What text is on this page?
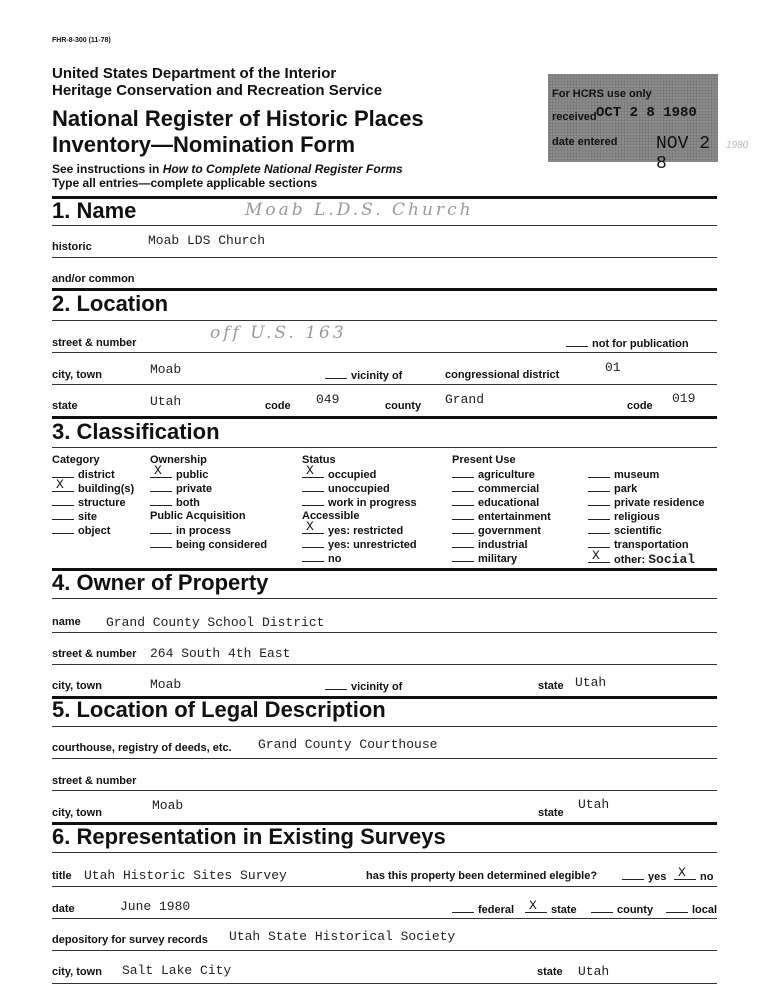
FHR-8-300 (11-78)
United States Department of the Interior
Heritage Conservation and Recreation Service
National Register of Historic Places
Inventory—Nomination Form
See instructions in How to Complete National Register Forms
Type all entries—complete applicable sections
For HCRS use only
received OCT 2 8 1980
date entered NOV 2 8
1980
1. Name	Moab L.D.S. Church
historic	Moab LDS Church
and/or common
2. Location
street & number	off U.S. 163
not for publication
city, town	Moab	vicinity of	congressional district	01
state	Utah	code 049	county Grand	code 019
3. Classification
Category
district
X building(s)
structure
site
object
Ownership
X public
private
both
Public Acquisition
in process
being considered
Status
X occupied
unoccupied
work in progress
Accessible
X yes: restricted
yes: unrestricted
no
Present Use
agriculture
commercial
educational
entertainment
government
industrial
military
museum
park
private residence
religious
scientific
transportation
X other: Social
4. Owner of Property
name Grand County School District
street & number 264 South 4th East
city, town	Moab	vicinity of	state Utah
5. Location of Legal Description
courthouse, registry of deeds, etc. Grand County Courthouse
street & number
city, town	Moab	state
Utah
6. Representation in Existing Surveys
title Utah Historic Sites Survey	has this property been determined elegible?	yes X no
date	June 1980	federal X state	county	local
depository for survey records Utah State Historical Society
city, town Salt Lake City	state Utah
